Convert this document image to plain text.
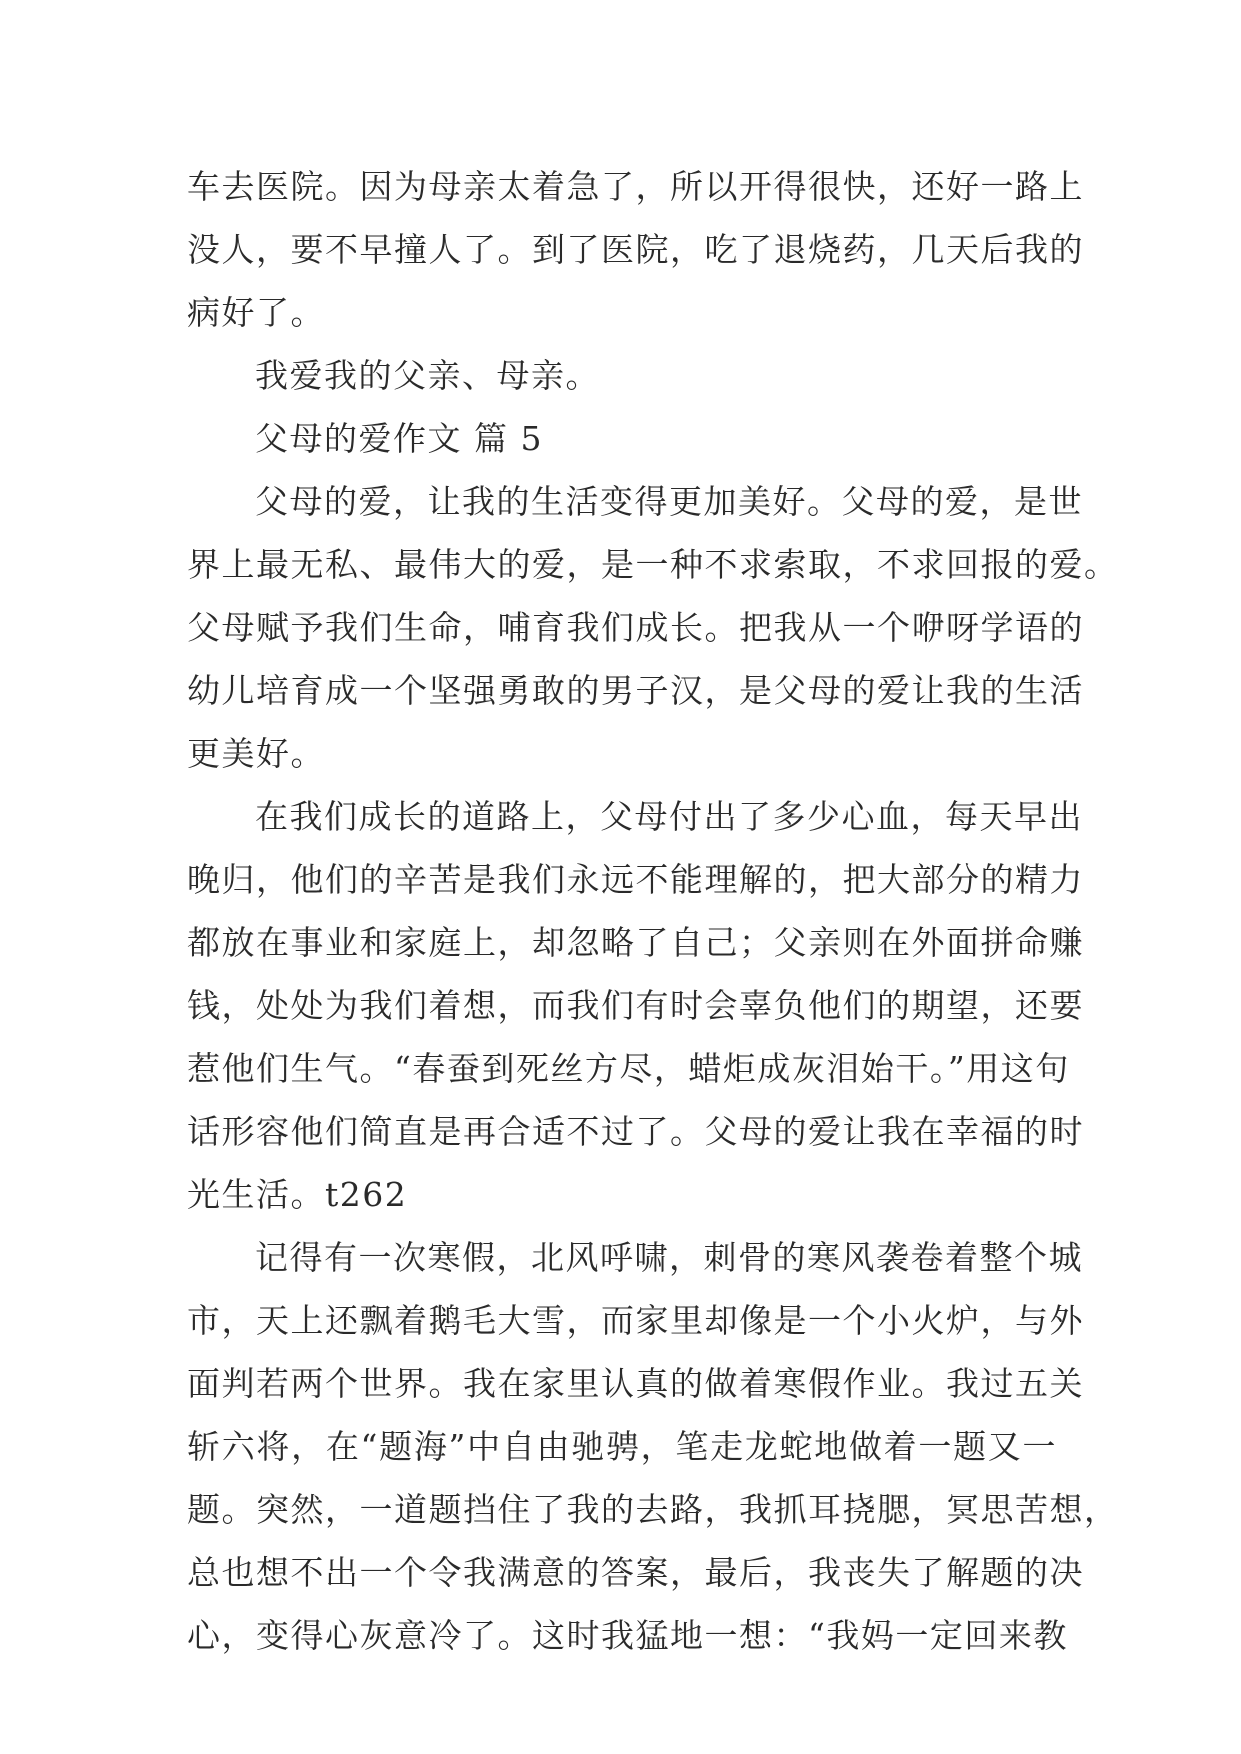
车去医院。因为母亲太着急了，所以开得很快，还好一路上
没人，要不早撞人了。到了医院，吃了退烧药，几天后我的
病好了。
我爱我的父亲、母亲。
父母的爱作文 篇 5
父母的爱，让我的生活变得更加美好。父母的爱，是世
界上最无私、最伟大的爱，是一种不求索取，不求回报的爱。
父母赋予我们生命，哺育我们成长。把我从一个咿呀学语的
幼儿培育成一个坚强勇敢的男子汉，是父母的爱让我的生活
更美好。
在我们成长的道路上，父母付出了多少心血，每天早出
晚归，他们的辛苦是我们永远不能理解的，把大部分的精力
都放在事业和家庭上，却忽略了自己；父亲则在外面拼命赚
钱，处处为我们着想，而我们有时会辜负他们的期望，还要
惹他们生气。“春蚕到死丝方尽，蜡炬成灰泪始干。”用这句
话形容他们简直是再合适不过了。父母的爱让我在幸福的时
光生活。t262
记得有一次寒假，北风呼啸，刺骨的寒风袭卷着整个城
市，天上还飘着鹅毛大雪，而家里却像是一个小火炉，与外
面判若两个世界。我在家里认真的做着寒假作业。我过五关
斩六将，在“题海”中自由驰骋，笔走龙蛇地做着一题又一
题。突然，一道题挡住了我的去路，我抓耳挠腮，冥思苦想，
总也想不出一个令我满意的答案，最后，我丧失了解题的决
心，变得心灰意冷了。这时我猛地一想：“我妈一定回来教
